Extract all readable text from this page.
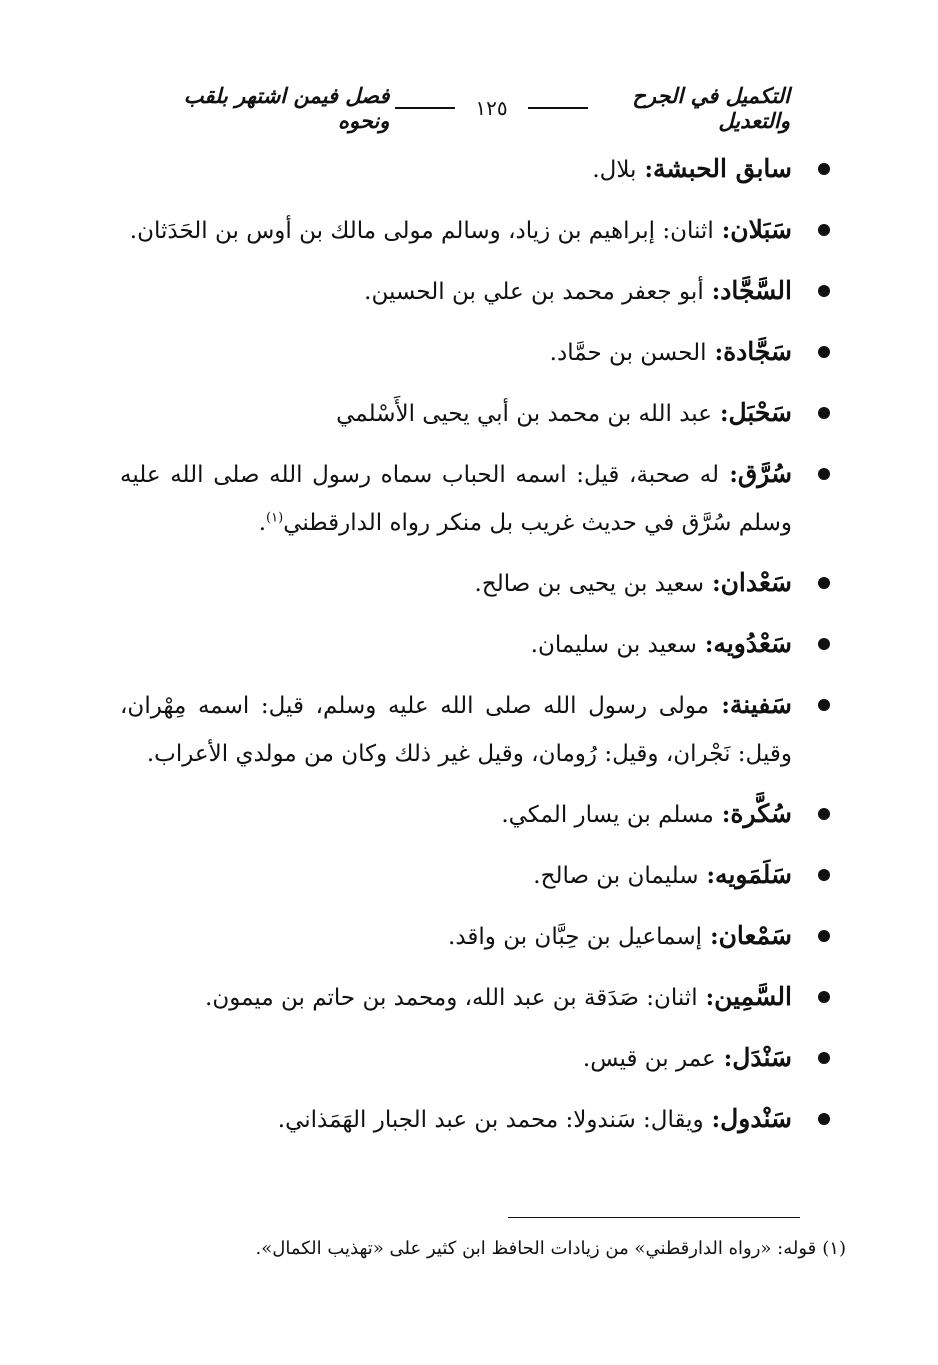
التكميل في الجرح والتعديل
١٢٥
فصل فيمن اشتهر بلقب ونحوه
سابق الحبشة: بلال.
سَبَلان: اثنان: إبراهيم بن زياد، وسالم مولى مالك بن أوس بن الحَدَثان.
السَّجَّاد: أبو جعفر محمد بن علي بن الحسين.
سَجَّادة: الحسن بن حمَّاد.
سَحْبَل: عبد الله بن محمد بن أبي يحيى الأَسْلمي
سُرَّق: له صحبة، قيل: اسمه الحباب سماه رسول الله صلى الله عليه وسلم سُرَّق في حديث غريب بل منكر رواه الدارقطني$^{(١)}$.
سَعْدان: سعيد بن يحيى بن صالح.
سَعْدُويه: سعيد بن سليمان.
سَفينة: مولى رسول الله صلى الله عليه وسلم، قيل: اسمه مِهْران، وقيل: نَجْران، وقيل: رُومان، وقيل غير ذلك وكان من مولدي الأعراب.
سُكَّرة: مسلم بن يسار المكي.
سَلَمَويه: سليمان بن صالح.
سَمْعان: إسماعيل بن حِبَّان بن واقد.
السَّمِين: اثنان: صَدَقة بن عبد الله، ومحمد بن حاتم بن ميمون.
سَنْدَل: عمر بن قيس.
سَنْدول: ويقال: سَندولا: محمد بن عبد الجبار الهَمَذاني.
(١)قوله: «رواه الدارقطني» من زيادات الحافظ ابن كثير على «تهذيب الكمال».
